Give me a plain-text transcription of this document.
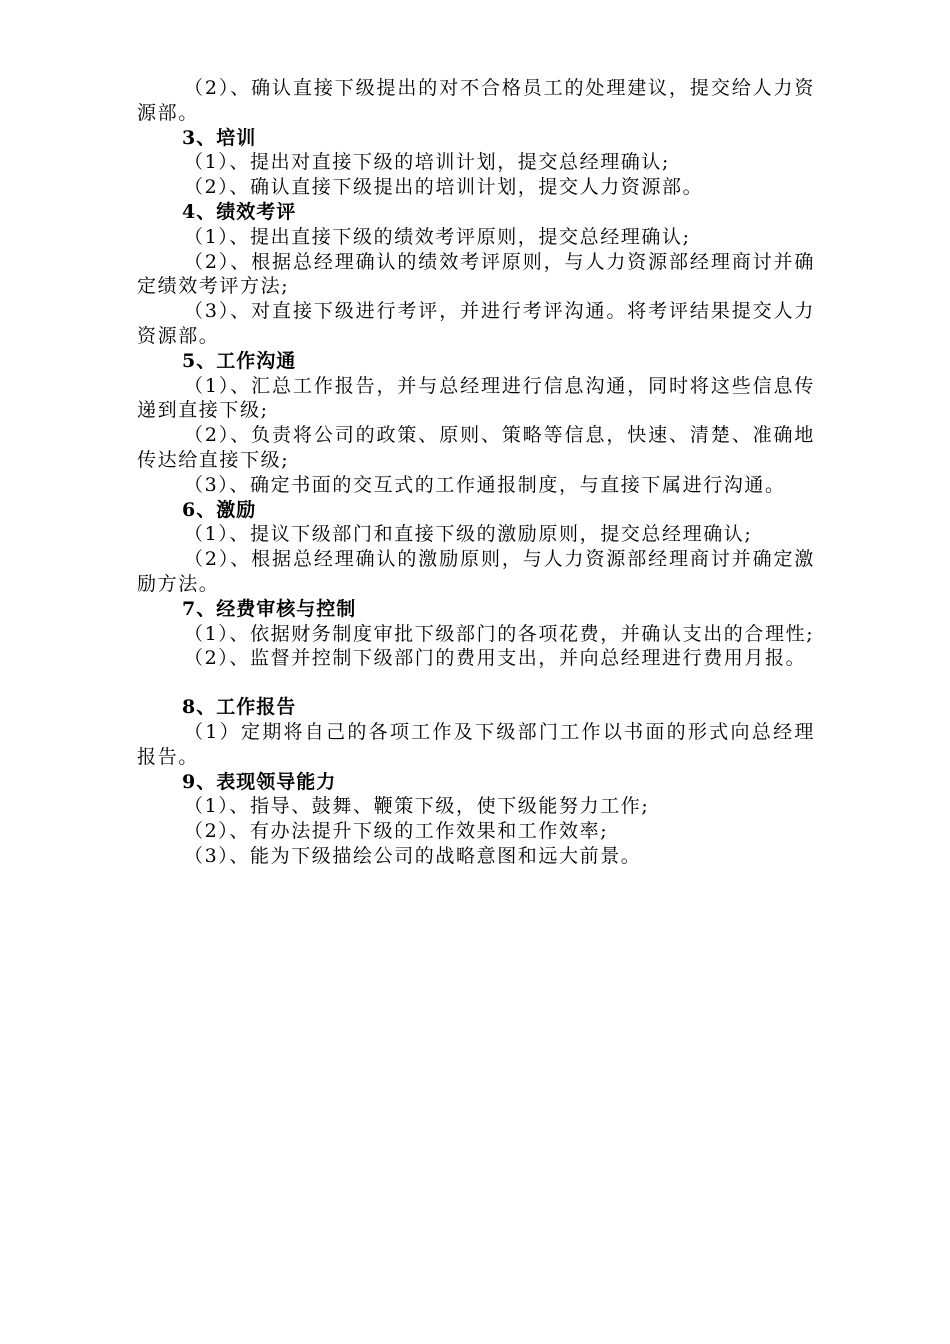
（2）、确认直接下级提出的对不合格员工的处理建议，提交给人力资源部。

3、培训

（1）、提出对直接下级的培训计划，提交总经理确认;

（2）、确认直接下级提出的培训计划，提交人力资源部。

4、绩效考评

（1）、提出直接下级的绩效考评原则，提交总经理确认;

（2）、根据总经理确认的绩效考评原则，与人力资源部经理商讨并确定绩效考评方法;

（3）、对直接下级进行考评，并进行考评沟通。将考评结果提交人力资源部。

5、工作沟通

（1）、汇总工作报告，并与总经理进行信息沟通，同时将这些信息传递到直接下级;

（2）、负责将公司的政策、原则、策略等信息，快速、清楚、准确地传达给直接下级;

（3）、确定书面的交互式的工作通报制度，与直接下属进行沟通。

6、激励

（1）、提议下级部门和直接下级的激励原则，提交总经理确认;

（2）、根据总经理确认的激励原则，与人力资源部经理商讨并确定激励方法。

7、经费审核与控制

（1）、依据财务制度审批下级部门的各项花费，并确认支出的合理性;

（2）、监督并控制下级部门的费用支出，并向总经理进行费用月报。

8、工作报告

（1）定期将自己的各项工作及下级部门工作以书面的形式向总经理报告。

9、表现领导能力

（1）、指导、鼓舞、鞭策下级，使下级能努力工作;

（2）、有办法提升下级的工作效果和工作效率;

（3）、能为下级描绘公司的战略意图和远大前景。
